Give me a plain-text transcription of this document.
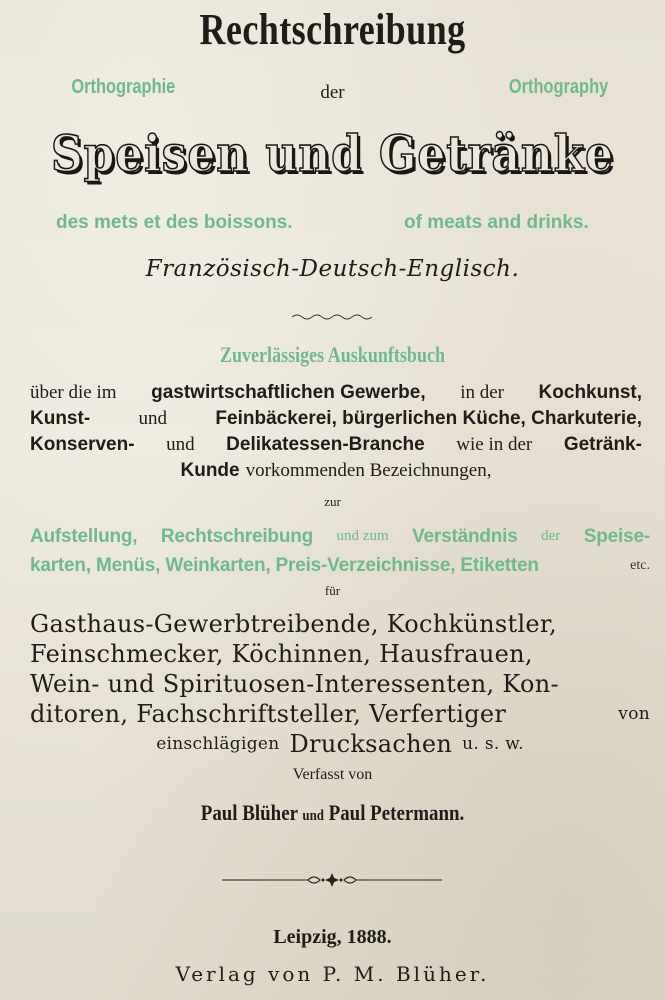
Rechtschreibung
Orthographie	der	Orthography
Speisen und Getränke
des mets et des boissons.	of meats and drinks.
Französisch-Deutsch-Englisch.
Zuverlässiges Auskunftsbuch
über die im gastwirtschaftlichen Gewerbe, in der Kochkunst,
Kunst-	und	Feinbäckerei, bürgerlichen Küche, Charkuterie,
Konserven- und Delikatessen-Branche wie in der Getränk-
Kunde vorkommenden Bezeichnungen,
zur
Aufstellung, Rechtschreibung und zum Verständnis der Speise-
karten, Menüs, Weinkarten, Preis-Verzeichnisse, Etiketten	etc.
für
Gasthaus-Gewerbtreibende, Kochkünstler,
Feinschmecker, Köchinnen, Hausfrauen,
Wein- und Spirituosen-Interessenten, Kon-
ditoren, Fachschriftsteller, Verfertiger	von
einschlägigen Drucksachen u. s. w.
Verfasst von
Paul Blüher und Paul Petermann.
Leipzig, 1888.
Verlag von P. M. Blüher.
